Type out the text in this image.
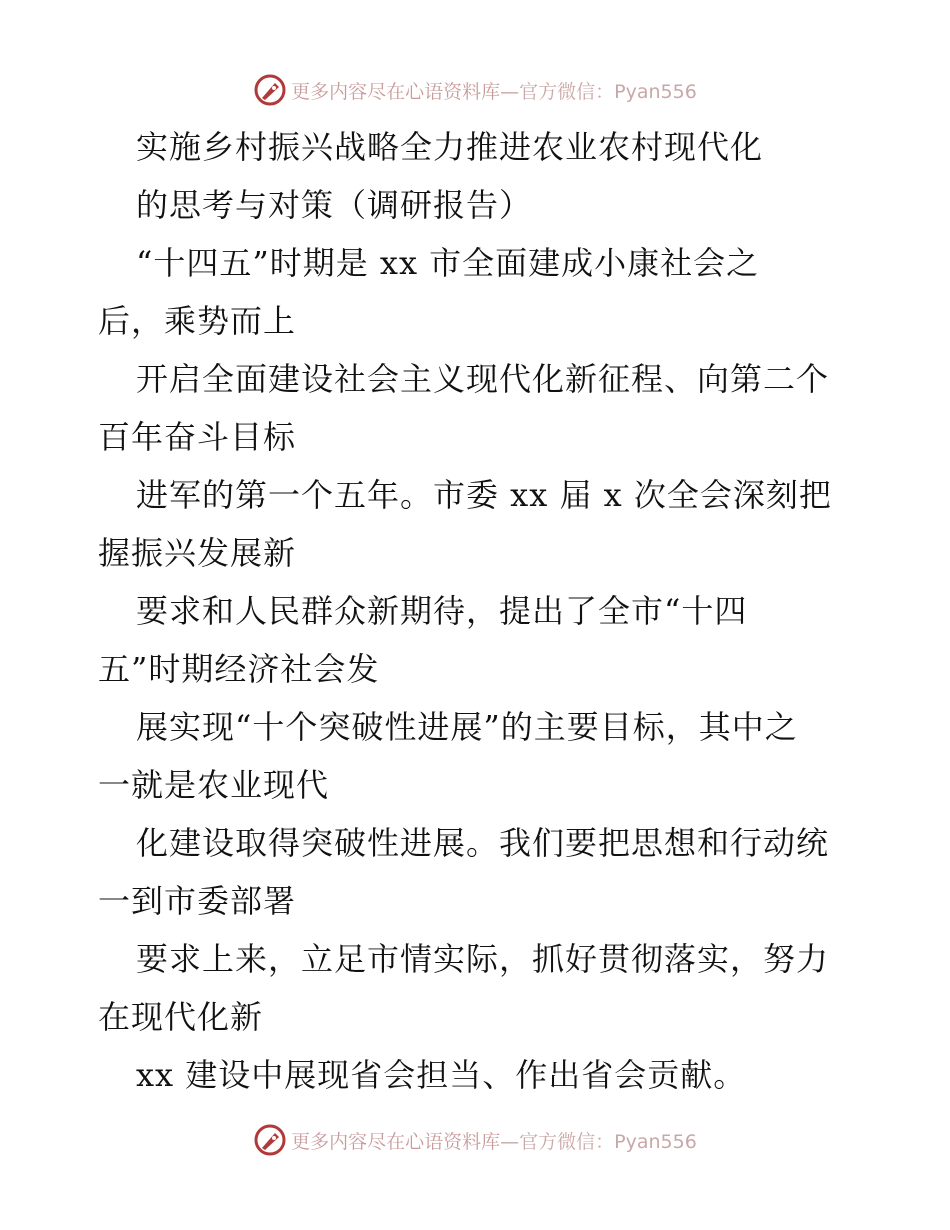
更多内容尽在心语资料库—官方微信：Pyan556
实施乡村振兴战略全力推进农业农村现代化
的思考与对策（调研报告）
“十四五”时期是 xx 市全面建成小康社会之
后，乘势而上
开启全面建设社会主义现代化新征程、向第二个
百年奋斗目标
进军的第一个五年。市委 xx 届 x 次全会深刻把
握振兴发展新
要求和人民群众新期待，提出了全市“十四
五”时期经济社会发
展实现“十个突破性进展”的主要目标，其中之
一就是农业现代
化建设取得突破性进展。我们要把思想和行动统
一到市委部署
要求上来，立足市情实际，抓好贯彻落实，努力
在现代化新
xx 建设中展现省会担当、作出省会贡献。
更多内容尽在心语资料库—官方微信：Pyan556
